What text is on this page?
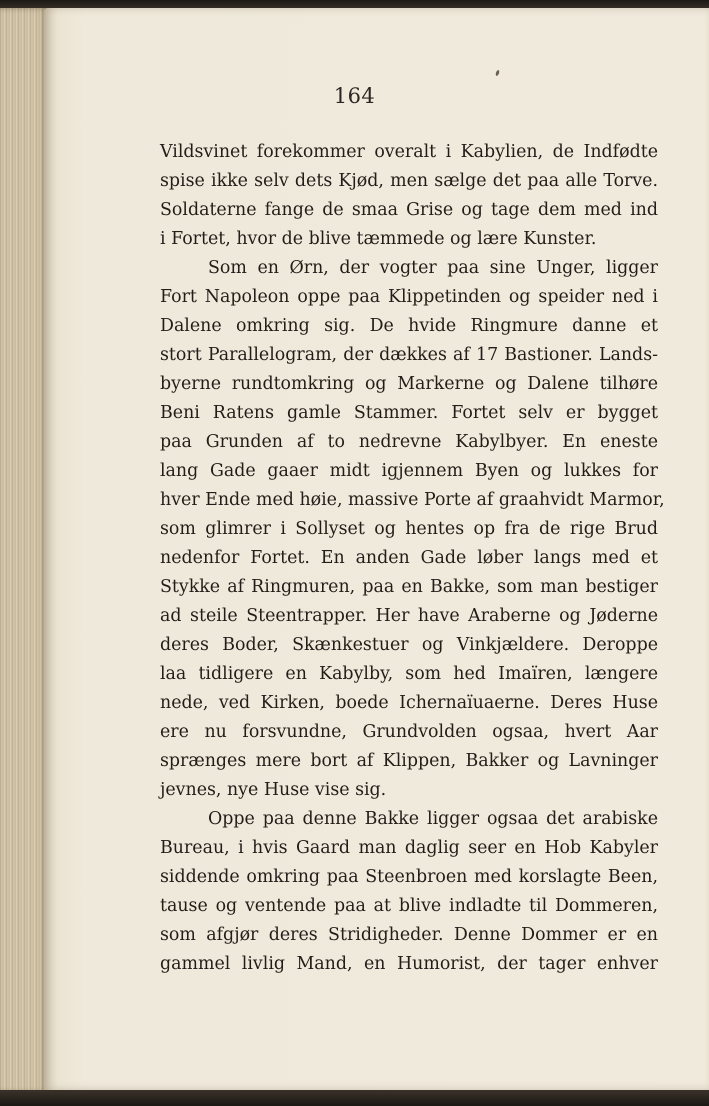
164
Vildsvinet forekommer overalt i Kabylien, de Indfødte
spise ikke selv dets Kjød, men sælge det paa alle Torve.
Soldaterne fange de smaa Grise og tage dem med ind
i Fortet, hvor de blive tæmmede og lære Kunster.
Som en Ørn, der vogter paa sine Unger, ligger
Fort Napoleon oppe paa Klippetinden og speider ned i
Dalene omkring sig. De hvide Ringmure danne et
stort Parallelogram, der dækkes af 17 Bastioner. Lands-
byerne rundtomkring og Markerne og Dalene tilhøre
Beni Ratens gamle Stammer. Fortet selv er bygget
paa Grunden af to nedrevne Kabylbyer. En eneste
lang Gade gaaer midt igjennem Byen og lukkes for
hver Ende med høie, massive Porte af graahvidt Marmor,
som glimrer i Sollyset og hentes op fra de rige Brud
nedenfor Fortet. En anden Gade løber langs med et
Stykke af Ringmuren, paa en Bakke, som man bestiger
ad steile Steentrapper. Her have Araberne og Jøderne
deres Boder, Skænkestuer og Vinkjældere. Deroppe
laa tidligere en Kabylby, som hed Imaïren, længere
nede, ved Kirken, boede Ichernaïuaerne. Deres Huse
ere nu forsvundne, Grundvolden ogsaa, hvert Aar
sprænges mere bort af Klippen, Bakker og Lavninger
jevnes, nye Huse vise sig.
Oppe paa denne Bakke ligger ogsaa det arabiske
Bureau, i hvis Gaard man daglig seer en Hob Kabyler
siddende omkring paa Steenbroen med korslagte Been,
tause og ventende paa at blive indladte til Dommeren,
som afgjør deres Stridigheder. Denne Dommer er en
gammel livlig Mand, en Humorist, der tager enhver
